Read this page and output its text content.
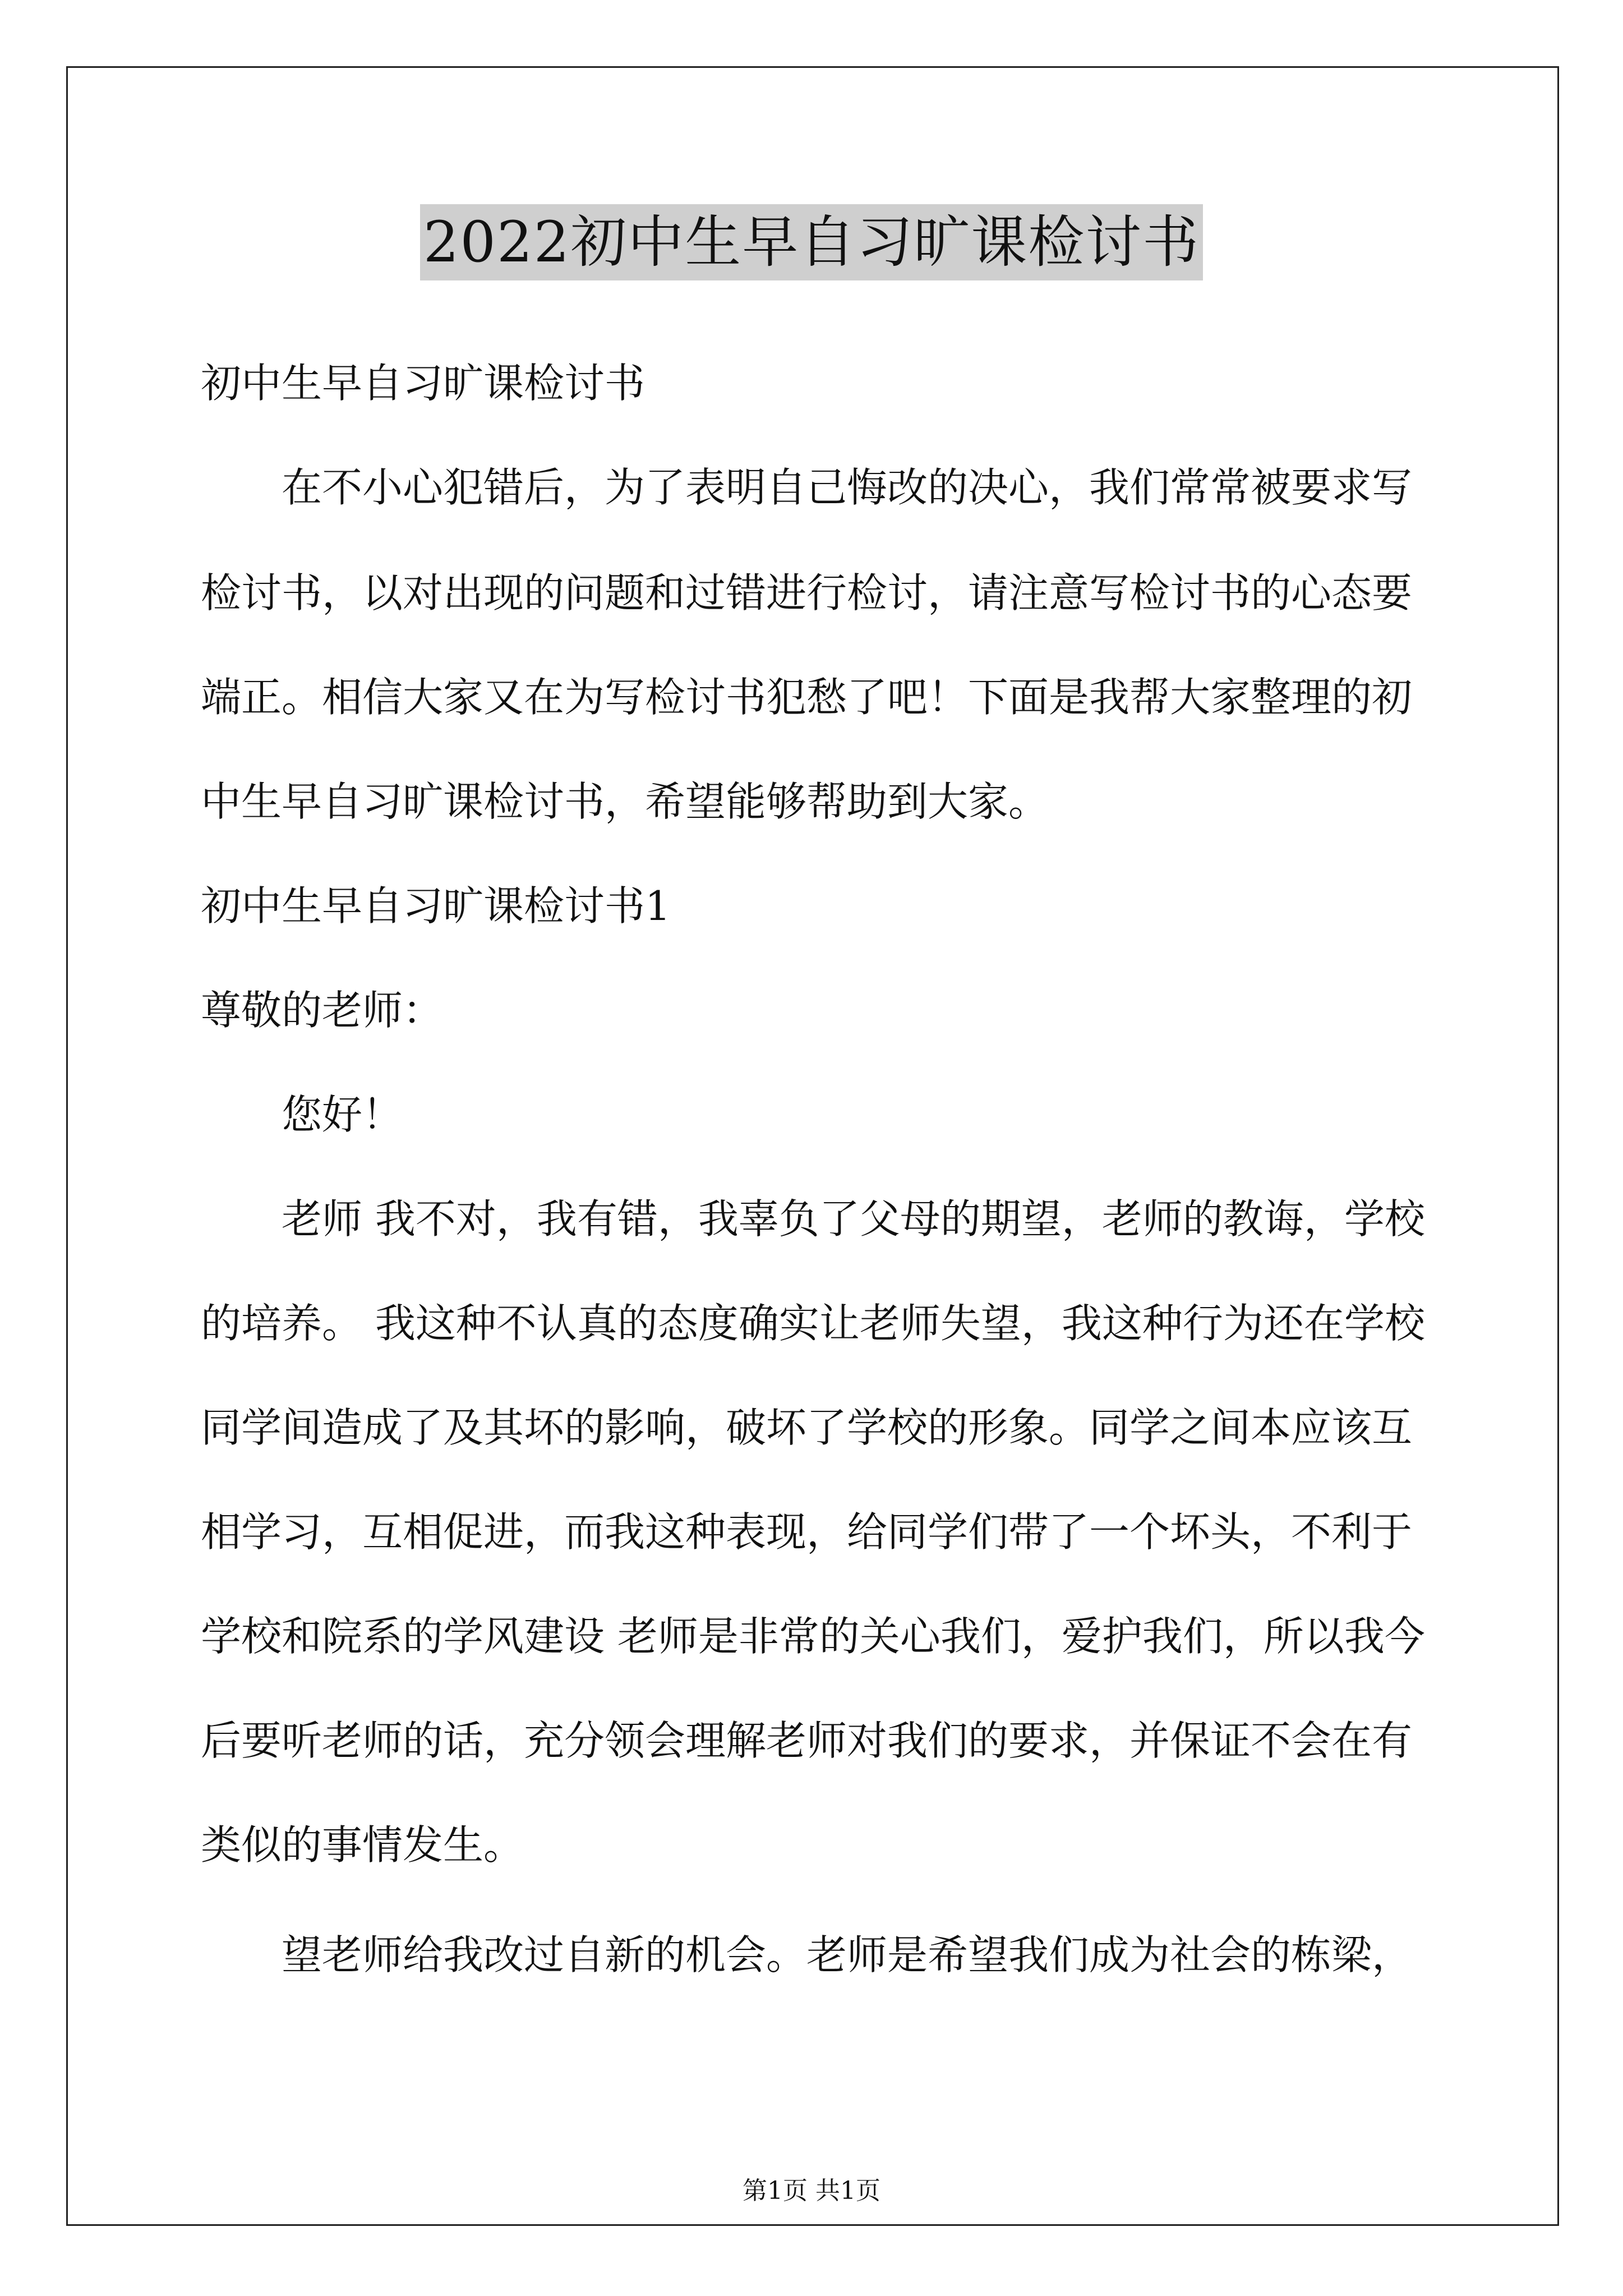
2022初中生早自习旷课检讨书
初中生早自习旷课检讨书
在不小心犯错后，为了表明自己悔改的决心，我们常常被要求写
检讨书，以对出现的问题和过错进行检讨，请注意写检讨书的心态要
端正。相信大家又在为写检讨书犯愁了吧！下面是我帮大家整理的初
中生早自习旷课检讨书，希望能够帮助到大家。
初中生早自习旷课检讨书1
尊敬的老师：
您好！
老师 我不对，我有错，我辜负了父母的期望，老师的教诲，学校
的培养。 我这种不认真的态度确实让老师失望，我这种行为还在学校
同学间造成了及其坏的影响，破坏了学校的形象。同学之间本应该互
相学习，互相促进，而我这种表现，给同学们带了一个坏头，不利于
学校和院系的学风建设 老师是非常的关心我们，爱护我们，所以我今
后要听老师的话，充分领会理解老师对我们的要求，并保证不会在有
类似的事情发生。
望老师给我改过自新的机会。老师是希望我们成为社会的栋梁，
第1页 共1页
